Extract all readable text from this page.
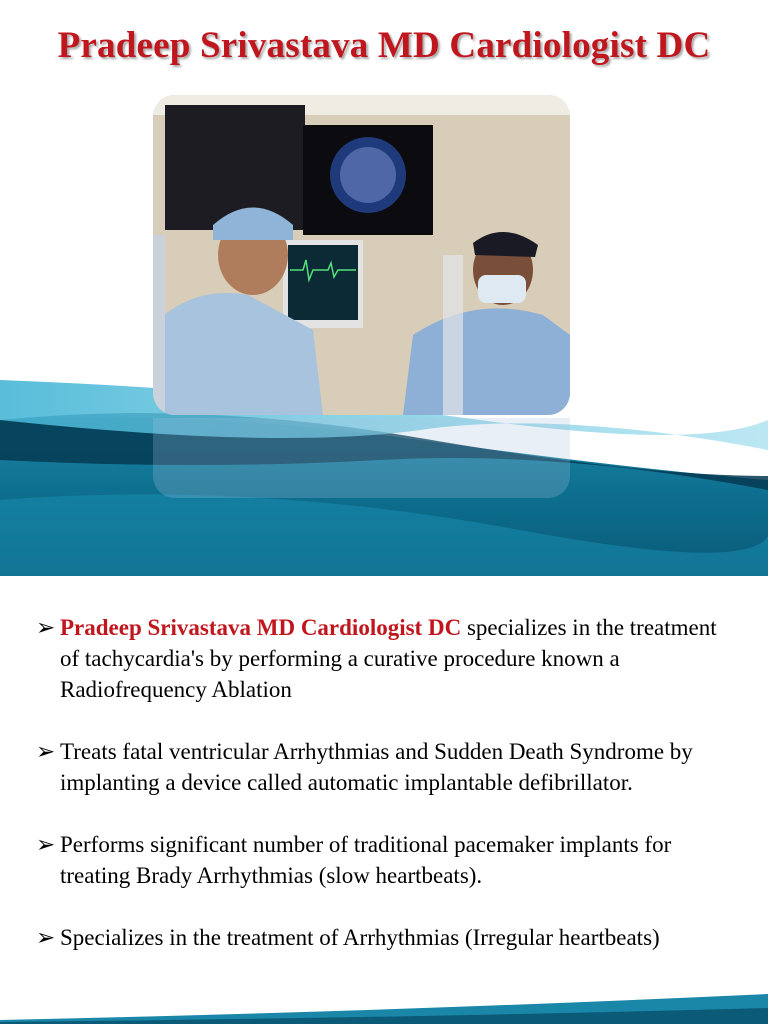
Pradeep Srivastava MD Cardiologist DC
➢ Pradeep Srivastava MD Cardiologist DC specializes in the treatment of tachycardia's by performing a curative procedure known a Radiofrequency Ablation
➢ Treats fatal ventricular Arrhythmias and Sudden Death Syndrome by implanting a device called automatic implantable defibrillator.
➢ Performs significant number of traditional pacemaker implants for treating Brady Arrhythmias (slow heartbeats).
➢ Specializes in the treatment of Arrhythmias (Irregular heartbeats)
